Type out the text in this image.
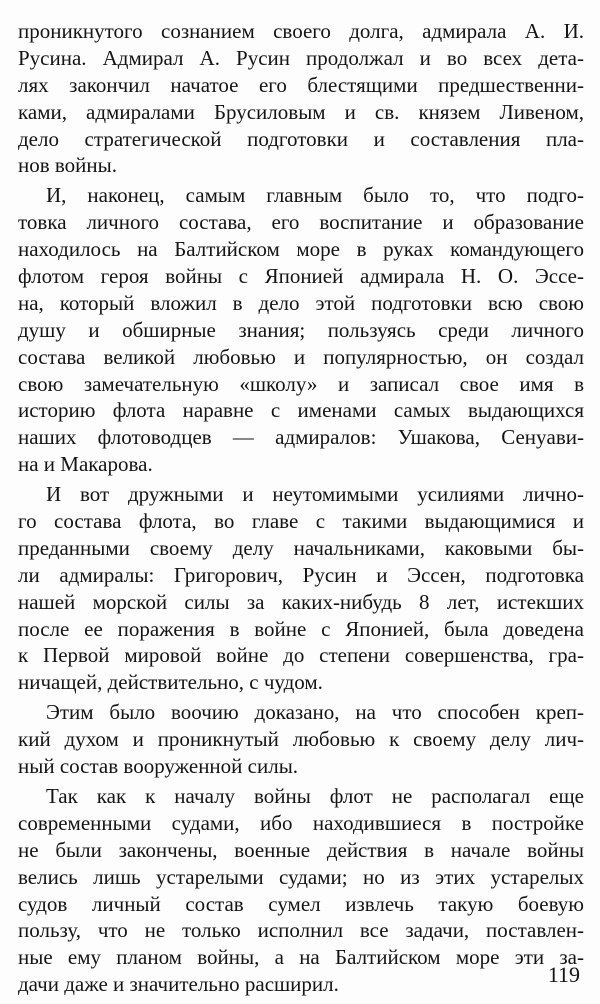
проникнутого сознанием своего долга, адмирала А. И.
Русина. Адмирал А. Русин продолжал и во всех дета-
лях закончил начатое его блестящими предшественни-
ками, адмиралами Брусиловым и св. князем Ливеном,
дело стратегической подготовки и составления пла-
нов войны.
И, наконец, самым главным было то, что подго-
товка личного состава, его воспитание и образование
находилось на Балтийском море в руках командующего
флотом героя войны с Японией адмирала Н. О. Эссе-
на, который вложил в дело этой подготовки всю свою
душу и обширные знания; пользуясь среди личного
состава великой любовью и популярностью, он создал
свою замечательную «школу» и записал свое имя в
историю флота наравне с именами самых выдающихся
наших флотоводцев — адмиралов: Ушакова, Сенyави-
на и Макарова.
И вот дружными и неутомимыми усилиями лично-
го состава флота, во главе с такими выдающимися и
преданными своему делу начальниками, каковыми бы-
ли адмиралы: Григорович, Русин и Эссен, подготовка
нашей морской силы за каких-нибудь 8 лет, истекших
после ее поражения в войне с Японией, была доведена
к Первой мировой войне до степени совершенства, гра-
ничащей, действительно, с чудом.
Этим было воочию доказано, на что способен креп-
кий духом и проникнутый любовью к своему делу лич-
ный состав вооруженной силы.
Так как к началу войны флот не располагал еще
современными судами, ибо находившиеся в постройке
не были закончены, военные действия в начале войны
велись лишь устарелыми судами; но из этих устарелых
судов личный состав сумел извлечь такую боевую
пользу, что не только исполнил все задачи, поставлен-
ные ему планом войны, а на Балтийском море эти за-
дачи даже и значительно расширил.	119
